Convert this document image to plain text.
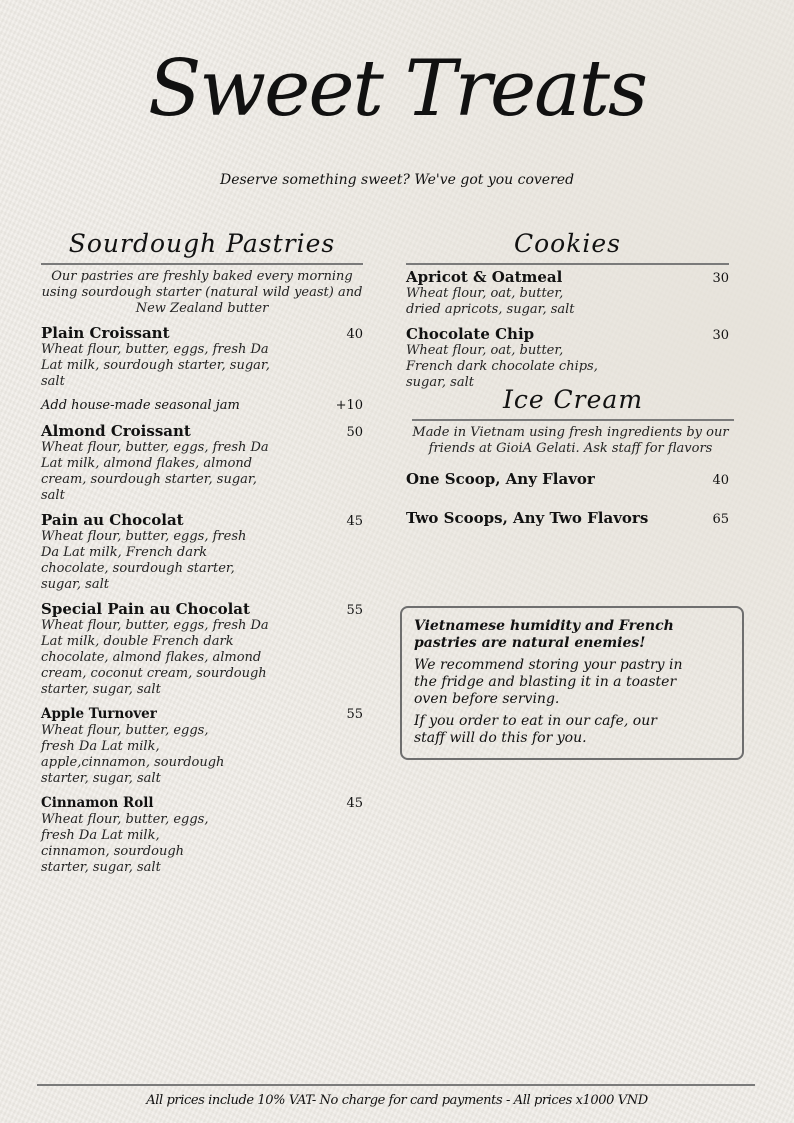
Sweet Treats
Deserve something sweet? We've got you covered
Sourdough Pastries
Our pastries are freshly baked every morning using sourdough starter (natural wild yeast) and New Zealand butter
Plain Croissant	40
Wheat flour, butter, eggs, fresh Da Lat milk, sourdough starter, sugar, salt
Add house-made seasonal jam	+10
Almond Croissant	50
Wheat flour, butter, eggs, fresh Da Lat milk, almond flakes, almond cream, sourdough starter, sugar, salt
Pain au Chocolat	45
Wheat flour, butter, eggs, fresh Da Lat milk, French dark chocolate, sourdough starter, sugar, salt
Special Pain au Chocolat	55
Wheat flour, butter, eggs, fresh Da Lat milk, double French dark chocolate, almond flakes, almond cream, coconut cream, sourdough starter, sugar, salt
Apple Turnover	55
Wheat flour, butter, eggs, fresh Da Lat milk, apple,cinnamon, sourdough starter, sugar, salt
Cinnamon Roll	45
Wheat flour, butter, eggs, fresh Da Lat milk, cinnamon, sourdough starter, sugar, salt
Cookies
Apricot & Oatmeal	30
Wheat flour, oat, butter, dried apricots, sugar, salt
Chocolate Chip	30
Wheat flour, oat, butter, French dark chocolate chips, sugar, salt
Ice Cream
Made in Vietnam using fresh ingredients by our friends at GioiA Gelati. Ask staff for flavors
One Scoop, Any Flavor	40
Two Scoops, Any Two Flavors	65
Vietnamese humidity and French pastries are natural enemies!
We recommend storing your pastry in the fridge and blasting it in a toaster oven before serving.
If you order to eat in our cafe, our staff will do this for you.
All prices include 10% VAT- No charge for card payments - All prices x1000 VND
